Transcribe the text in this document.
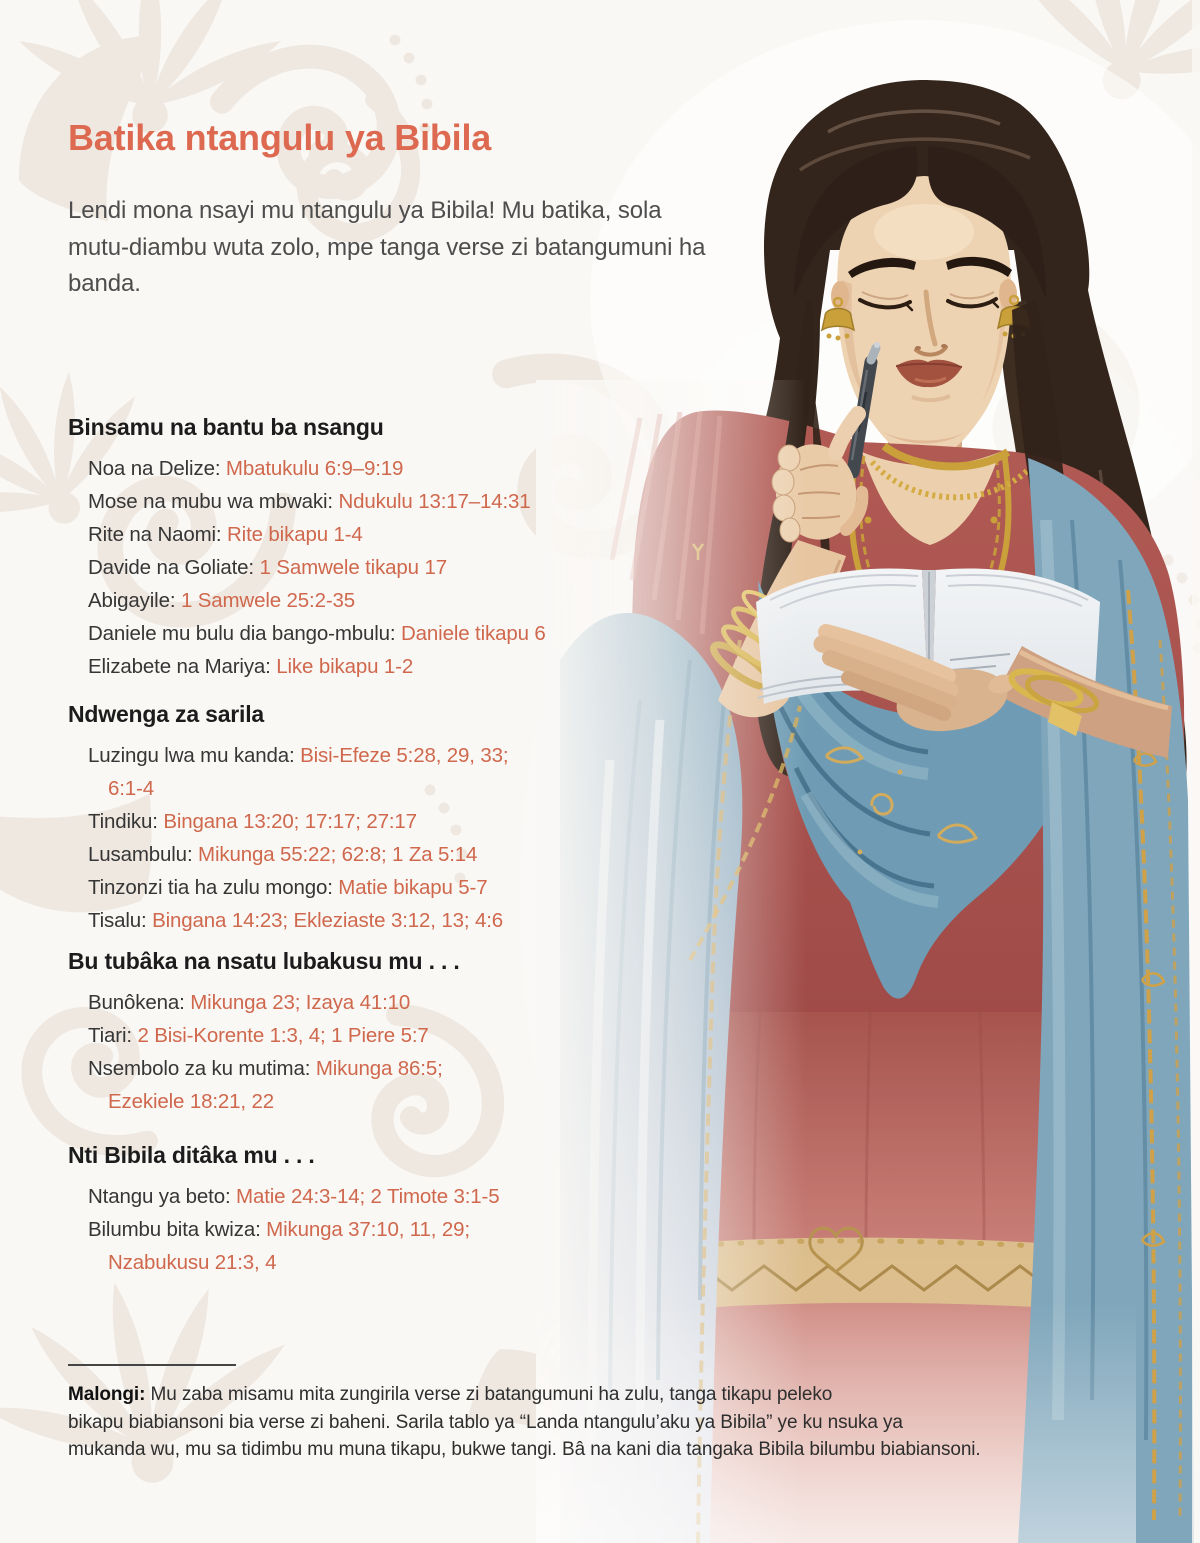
Batika ntangulu ya Bibila

Lendi mona nsayi mu ntangulu ya Bibila! Mu batika, sola mutu-diambu wuta zolo, mpe tanga verse zi batangumuni ha banda.

Binsamu na bantu ba nsangu
Noa na Delize: Mbatukulu 6:9–9:19
Mose na mubu wa mbwaki: Ndukulu 13:17–14:31
Rite na Naomi: Rite bikapu 1-4
Davide na Goliate: 1 Samwele tikapu 17
Abigayile: 1 Samwele 25:2-35
Daniele mu bulu dia bango-mbulu: Daniele tikapu 6
Elizabete na Mariya: Like bikapu 1-2
Ndwenga za sarila
Luzingu lwa mu kanda: Bisi-Efeze 5:28, 29, 33;
6:1-4
Tindiku: Bingana 13:20; 17:17; 27:17
Lusambulu: Mikunga 55:22; 62:8; 1 Za 5:14
Tinzonzi tia ha zulu mongo: Matie bikapu 5-7
Tisalu: Bingana 14:23; Ekleziaste 3:12, 13; 4:6
Bu tubâka na nsatu lubakusu mu . . .
Bunôkena: Mikunga 23; Izaya 41:10
Tiari: 2 Bisi-Korente 1:3, 4; 1 Piere 5:7
Nsembolo za ku mutima: Mikunga 86:5;
Ezekiele 18:21, 22
Nti Bibila ditâka mu . . .
Ntangu ya beto: Matie 24:3-14; 2 Timote 3:1-5
Bilumbu bita kwiza: Mikunga 37:10, 11, 29;
Nzabukusu 21:3, 4

Malongi: Mu zaba misamu mita zungirila verse zi batangumuni ha zulu, tanga tikapu peleko

bikapu biabiansoni bia verse zi baheni. Sarila tablo ya “Landa ntangulu’aku ya Bibila” ye ku nsuka ya

mukanda wu, mu sa tidimbu mu muna tikapu, bukwe tangi. Bâ na kani dia tangaka Bibila bilumbu biabiansoni.
